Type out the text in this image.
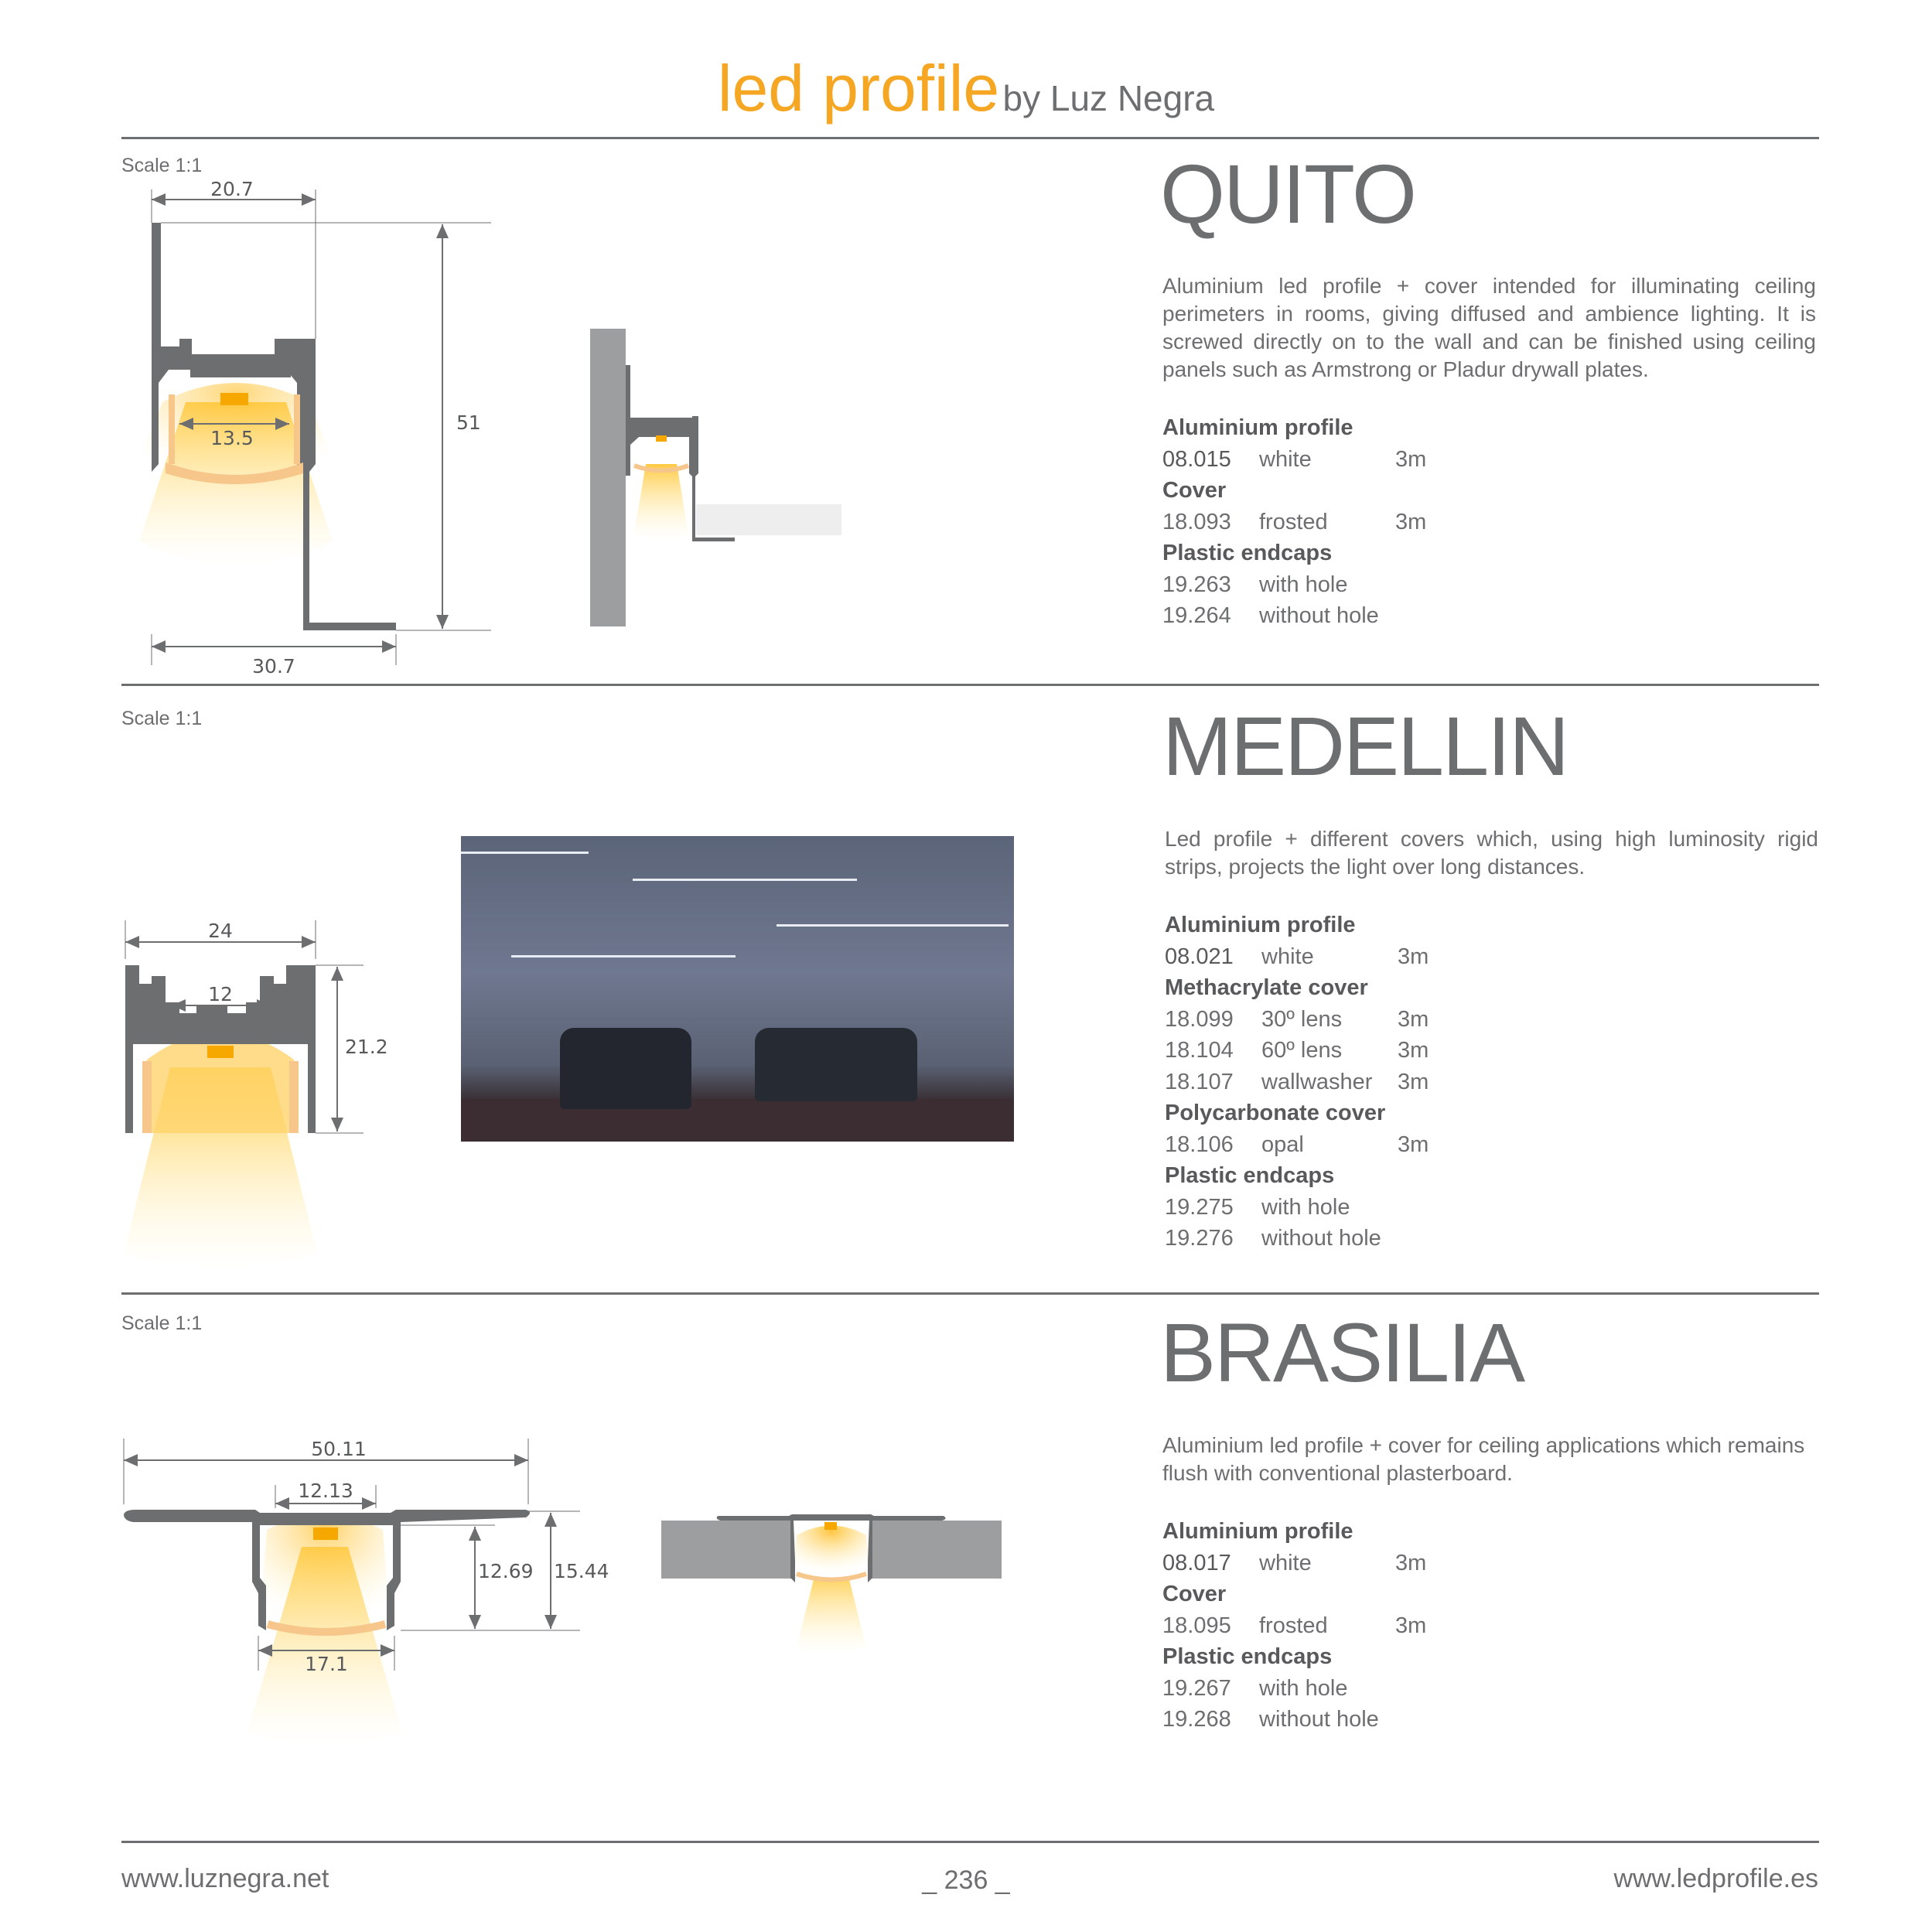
led profile by Luz Negra
Scale 1:1
20.7
13.5
51
30.7
QUITO
Aluminium led profile + cover intended for illuminating ceiling perimeters in rooms, giving diffused and ambience lighting. It is screwed directly on to the wall and can be finished using ceiling panels such as Armstrong or Pladur drywall plates.
Aluminium profile
08.015	white	3m
Cover
18.093	frosted	3m
Plastic endcaps
19.263	with hole
19.264	without hole
Scale 1:1
24
12
21.2
MEDELLIN
Led profile + different covers which, using high luminosity rigid strips, projects the light over long distances.
Aluminium profile
08.021	white	3m
Methacrylate cover
18.099	30º lens	3m
18.104	60º lens	3m
18.107	wallwasher	3m
Polycarbonate cover
18.106	opal	3m
Plastic endcaps
19.275	with hole
19.276	without hole
Scale 1:1
50.11
12.13
12.69 15.44
17.1
BRASILIA
Aluminium led profile + cover for ceiling applications which remains flush with conventional plasterboard.
Aluminium profile
08.017	white	3m
Cover
18.095	frosted	3m
Plastic endcaps
19.267	with hole
19.268	without hole
www.luznegra.net	_ 236 _	www.ledprofile.es
